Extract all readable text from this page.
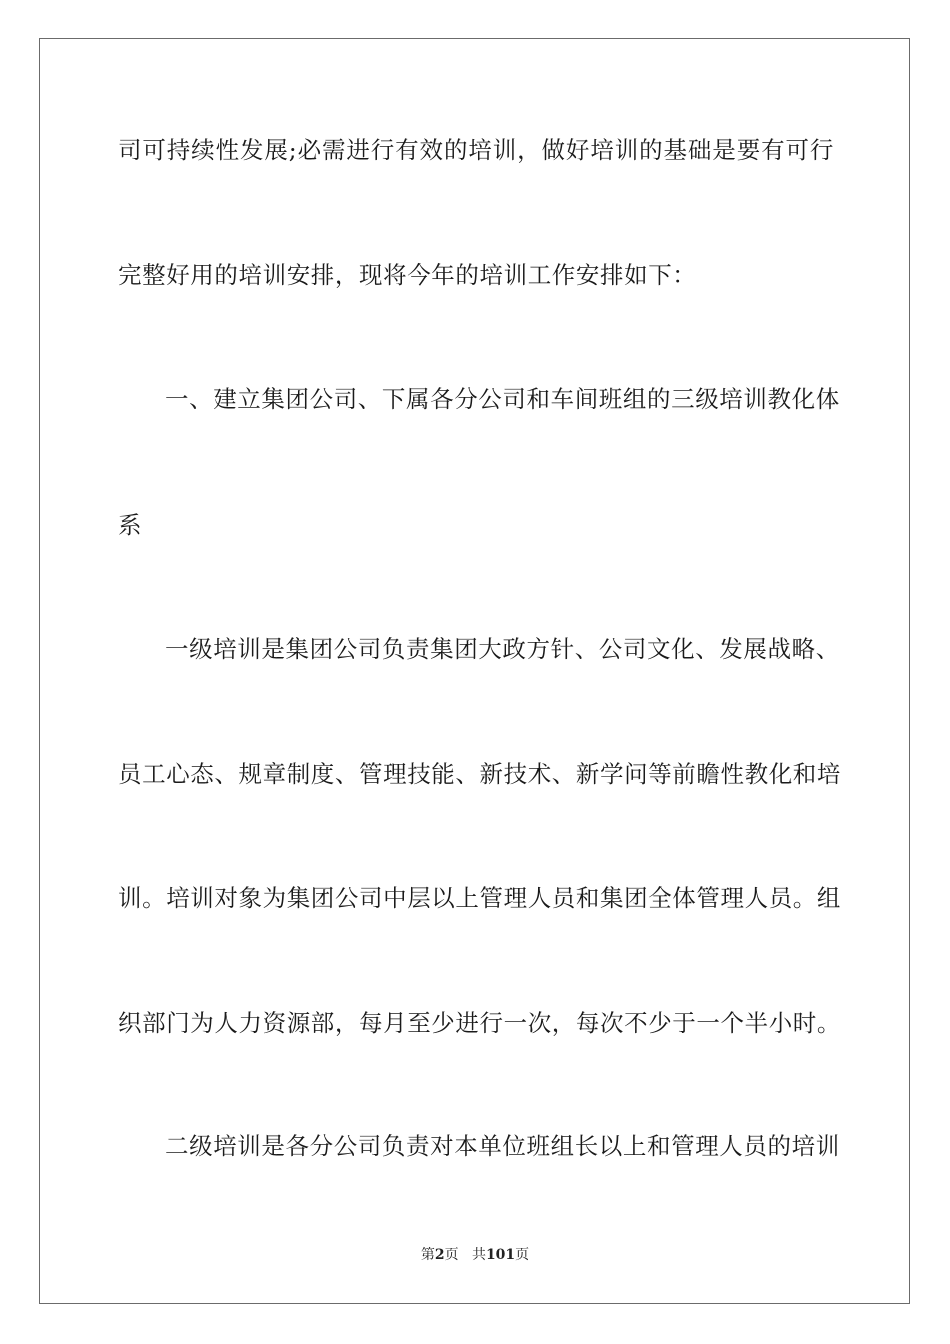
司可持续性发展;必需进行有效的培训，做好培训的基础是要有可行
完整好用的培训安排，现将今年的培训工作安排如下：
一、建立集团公司、下属各分公司和车间班组的三级培训教化体
系
一级培训是集团公司负责集团大政方针、公司文化、发展战略、
员工心态、规章制度、管理技能、新技术、新学问等前瞻性教化和培
训。培训对象为集团公司中层以上管理人员和集团全体管理人员。组
织部门为人力资源部，每月至少进行一次，每次不少于一个半小时。
二级培训是各分公司负责对本单位班组长以上和管理人员的培训
第2页 共101页
